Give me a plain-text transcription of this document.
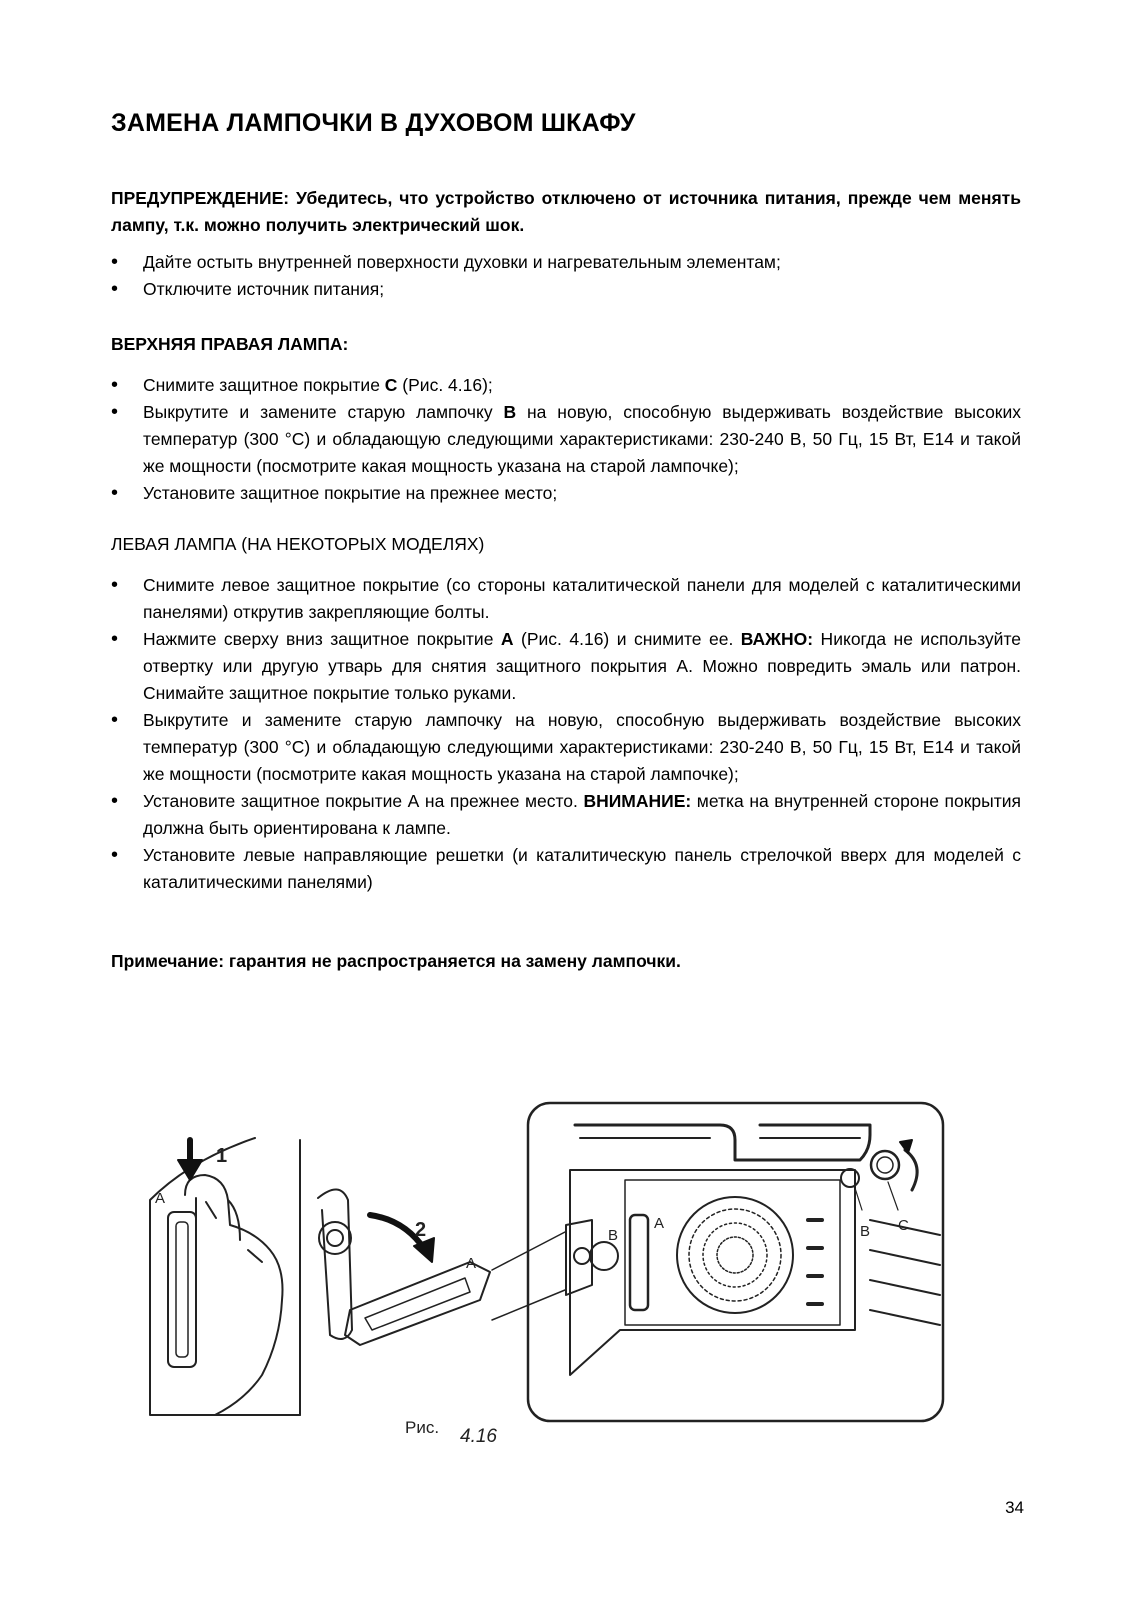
ЗАМЕНА ЛАМПОЧКИ В ДУХОВОМ ШКАФУ

ПРЕДУПРЕЖДЕНИЕ: Убедитесь, что устройство отключено от источника питания, прежде чем менять лампу, т.к. можно получить электрический шок.

• Дайте остыть внутренней поверхности духовки и нагревательным элементам;
• Отключите источник питания;
ВЕРХНЯЯ ПРАВАЯ ЛАМПА:
• Снимите защитное покрытие С (Рис. 4.16);
• Выкрутите и замените старую лампочку В на новую, способную выдерживать воздействие высоких температур (300 °С) и обладающую следующими характеристиками: 230-240 В, 50 Гц, 15 Вт, Е14 и такой же мощности (посмотрите какая мощность указана на старой лампочке);
• Установите защитное покрытие на прежнее место;
ЛЕВАЯ ЛАМПА (НА НЕКОТОРЫХ МОДЕЛЯХ)
• Снимите левое защитное покрытие (со стороны каталитической панели для моделей с каталитическими панелями) открутив закрепляющие болты.
• Нажмите сверху вниз защитное покрытие А (Рис. 4.16) и снимите ее. ВАЖНО: Никогда не используйте отвертку или другую утварь для снятия защитного покрытия А. Можно повредить эмаль или патрон. Снимайте защитное покрытие только руками.
• Выкрутите и замените старую лампочку на новую, способную выдерживать воздействие высоких температур (300 °С) и обладающую следующими характеристиками: 230-240 В, 50 Гц, 15 Вт, Е14 и такой же мощности (посмотрите какая мощность указана на старой лампочке);
• Установите защитное покрытие А на прежнее место. ВНИМАНИЕ: метка на внутренней стороне покрытия должна быть ориентирована к лампе.
• Установите левые направляющие решетки (и каталитическую панель стрелочкой вверх для моделей с каталитическими панелями)

Примечание: гарантия не распространяется на замену лампочки.

1
2
A
A
A
B	B C
Рис. 4.16
34
